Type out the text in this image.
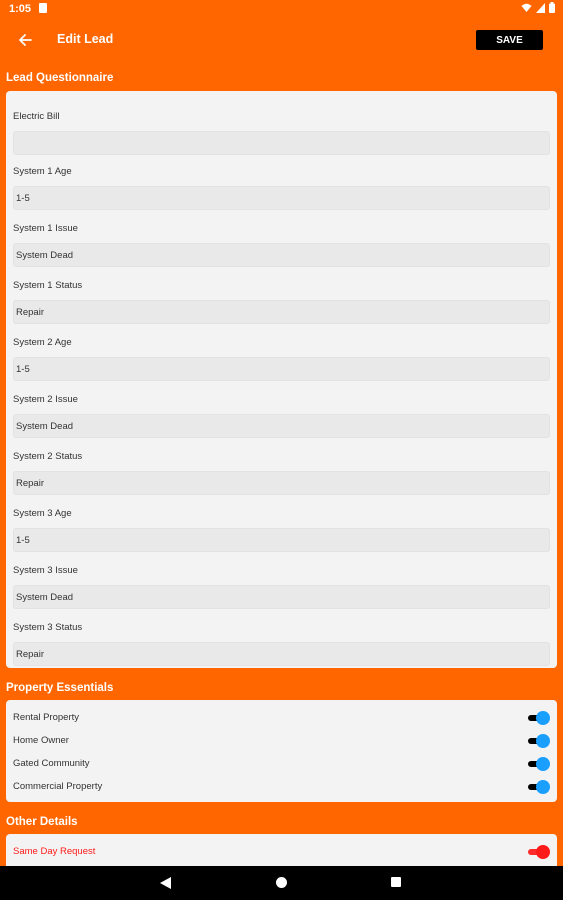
1:05
Edit Lead	SAVE
Lead Questionnaire
Electric Bill
System 1 Age
1-5
System 1 Issue
System Dead
System 1 Status
Repair
System 2 Age
1-5
System 2 Issue
System Dead
System 2 Status
Repair
System 3 Age
1-5
System 3 Issue
System Dead
System 3 Status
Repair
Property Essentials
Rental Property
Home Owner
Gated Community
Commercial Property
Other Details
Same Day Request
